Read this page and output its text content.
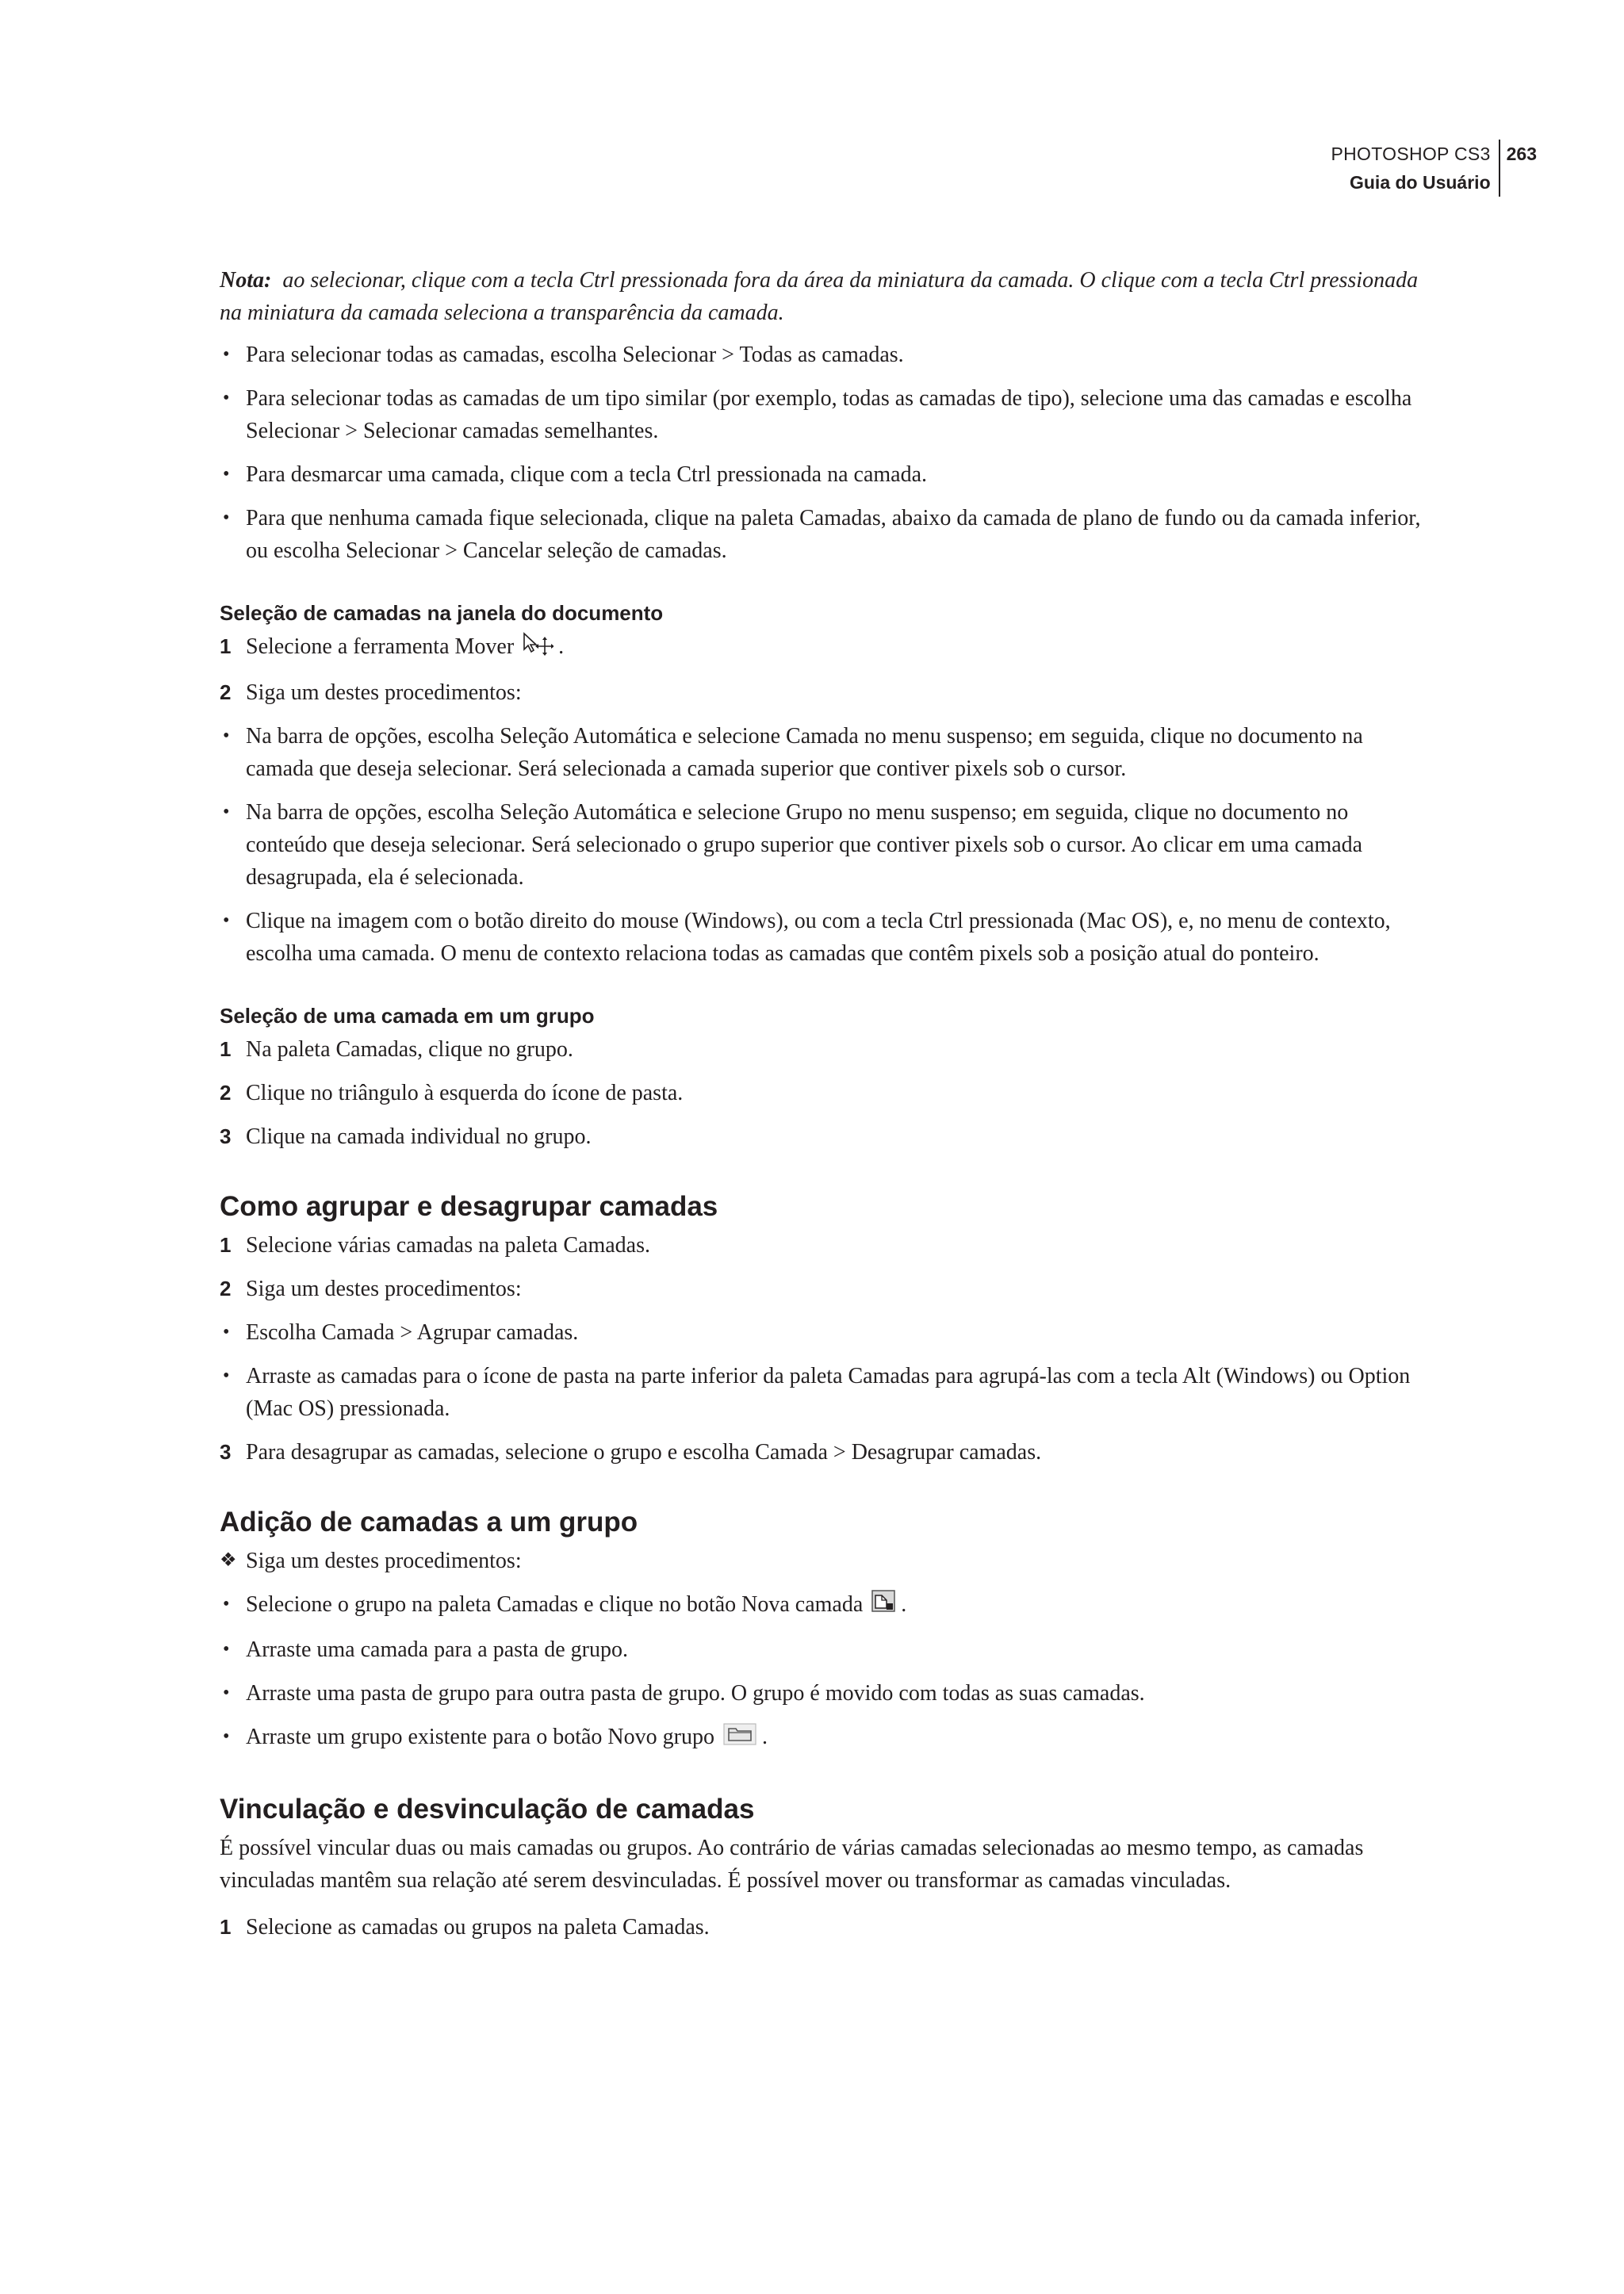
PHOTOSHOP CS3
Guia do Usuário
263

Nota: ao selecionar, clique com a tecla Ctrl pressionada fora da área da miniatura da camada. O clique com a tecla Ctrl pressionada na miniatura da camada seleciona a transparência da camada.

• Para selecionar todas as camadas, escolha Selecionar > Todas as camadas.
• Para selecionar todas as camadas de um tipo similar (por exemplo, todas as camadas de tipo), selecione uma das camadas e escolha Selecionar > Selecionar camadas semelhantes.
• Para desmarcar uma camada, clique com a tecla Ctrl pressionada na camada.
• Para que nenhuma camada fique selecionada, clique na paleta Camadas, abaixo da camada de plano de fundo ou da camada inferior, ou escolha Selecionar > Cancelar seleção de camadas.
Seleção de camadas na janela do documento
1 Selecione a ferramenta Mover .
2 Siga um destes procedimentos:
• Na barra de opções, escolha Seleção Automática e selecione Camada no menu suspenso; em seguida, clique no documento na camada que deseja selecionar. Será selecionada a camada superior que contiver pixels sob o cursor.
• Na barra de opções, escolha Seleção Automática e selecione Grupo no menu suspenso; em seguida, clique no documento no conteúdo que deseja selecionar. Será selecionado o grupo superior que contiver pixels sob o cursor. Ao clicar em uma camada desagrupada, ela é selecionada.
• Clique na imagem com o botão direito do mouse (Windows), ou com a tecla Ctrl pressionada (Mac OS), e, no menu de contexto, escolha uma camada. O menu de contexto relaciona todas as camadas que contêm pixels sob a posição atual do ponteiro.
Seleção de uma camada em um grupo
1 Na paleta Camadas, clique no grupo.
2 Clique no triângulo à esquerda do ícone de pasta.
3 Clique na camada individual no grupo.
Como agrupar e desagrupar camadas
1 Selecione várias camadas na paleta Camadas.
2 Siga um destes procedimentos:
• Escolha Camada > Agrupar camadas.
• Arraste as camadas para o ícone de pasta na parte inferior da paleta Camadas para agrupá-las com a tecla Alt (Windows) ou Option (Mac OS) pressionada.
3 Para desagrupar as camadas, selecione o grupo e escolha Camada > Desagrupar camadas.
Adição de camadas a um grupo
❖ Siga um destes procedimentos:
• Selecione o grupo na paleta Camadas e clique no botão Nova camada .
• Arraste uma camada para a pasta de grupo.
• Arraste uma pasta de grupo para outra pasta de grupo. O grupo é movido com todas as suas camadas.
• Arraste um grupo existente para o botão Novo grupo .
Vinculação e desvinculação de camadas

É possível vincular duas ou mais camadas ou grupos. Ao contrário de várias camadas selecionadas ao mesmo tempo, as camadas vinculadas mantêm sua relação até serem desvinculadas. É possível mover ou transformar as camadas vinculadas.

1 Selecione as camadas ou grupos na paleta Camadas.
